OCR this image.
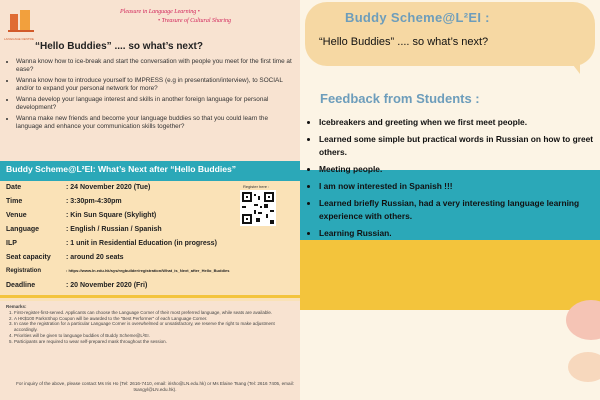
LANGUAGE CENTRE
Pleasure in Language Learning •
• Treasure of Cultural Sharing
“Hello Buddies” .... so what’s next?
• Wanna know how to ice-break and start the conversation with people you meet for the first time at ease?
• Wanna know how to introduce yourself to IMPRESS (e.g in presentation/interview), to SOCIAL and/or to expand your personal network for more?
• Wanna develop your language interest and skills in another foreign language for personal development?
• Wanna make new friends and become your language buddies so that you could learn the language and enhance your communication skills together?
Buddy Scheme@L²EI: What’s Next after “Hello Buddies”
Date	: 24 November 2020 (Tue)
Time	: 3:30pm-4:30pm
Venue	: Kin Sun Square (Skylight)
Language	: English / Russian / Spanish
ILP	: 1 unit in Residential Education (in progress)
Seat capacity : around 20 seats
Registration	: https://www.ln.edu.hk/sys/regbuilder/registration/What_is_Next_after_Hello_Buddies
Deadline	: 20 November 2020 (Fri)
Register here :
Remarks:
1. First-register-first-served. Applicants can choose the Language Corner of their most preferred language, while seats are available.
2. A HK$100 ParknShop Coupon will be awarded to the “Best Performer” of each Language Corner.
3. In case the registration for a particular Language Corner is overwhelmed or unsatisfactory, we reserve the right to make adjustment accordingly.
4. Priorities will be given to language buddies of Buddy Scheme@L²EI.
5. Participants are required to wear self-prepared mask throughout the session.
For inquiry of the above, please contact Ms Iris Ho (Tel: 2616-7410, email: irisho@LN.edu.hk) or Ms Elaine Tsang (Tel: 2616 7405, email: tsangyl@LN.edu.hk).
Buddy Scheme@L²EI :
“Hello Buddies” .... so what’s next?
Feedback from Students :
• Icebreakers and greeting when we first meet people.
• Learned some simple but practical words in Russian on how to greet others.
• Meeting people.
• I am now interested in Spanish !!!
• Learned briefly Russian, had a very interesting language learning experience with others.
• Learning Russian.
